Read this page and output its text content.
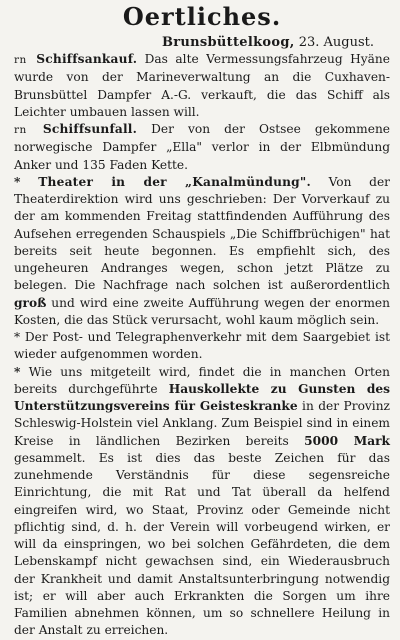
Oertliches.
Brunsbüttelkoog, 23. August.

rn Schiffsankauf. Das alte Vermessungsfahrzeug Hyäne wurde von der Marineverwaltung an die Cuxhaven-Brunsbüttel Dampfer A.-G. verkauft, die das Schiff als Leichter umbauen lassen will.

rn Schiffsunfall. Der von der Ostsee gekommene norwegische Dampfer „Ella" verlor in der Elbmündung Anker und 135 Faden Kette.

* Theater in der „Kanalmündung". Von der Theaterdirektion wird uns geschrieben: Der Vorverkauf zu der am kommenden Freitag stattfindenden Aufführung des Aufsehen erregenden Schauspiels „Die Schiffbrüchigen" hat bereits seit heute begonnen. Es empfiehlt sich, des ungeheuren Andranges wegen, schon jetzt Plätze zu belegen. Die Nachfrage nach solchen ist außerordentlich groß und wird eine zweite Aufführung wegen der enormen Kosten, die das Stück verursacht, wohl kaum möglich sein.

* Der Post- und Telegraphenverkehr mit dem Saargebiet ist wieder aufgenommen worden.

* Wie uns mitgeteilt wird, findet die in manchen Orten bereits durchgeführte Hauskollekte zu Gunsten des Unterstützungsvereins für Geisteskranke in der Provinz Schleswig-Holstein viel Anklang. Zum Beispiel sind in einem Kreise in ländlichen Bezirken bereits 5000 Mark gesammelt. Es ist dies das beste Zeichen für das zunehmende Verständnis für diese segensreiche Einrichtung, die mit Rat und Tat überall da helfend eingreifen wird, wo Staat, Provinz oder Gemeinde nicht pflichtig sind, d. h. der Verein will vorbeugend wirken, er will da einspringen, wo bei solchen Gefährdeten, die dem Lebenskampf nicht gewachsen sind, ein Wiederausbruch der Krankheit und damit Anstaltsunterbringung notwendig ist; er will aber auch Erkrankten die Sorgen um ihre Familien abnehmen können, um so schnellere Heilung in der Anstalt zu erreichen.
